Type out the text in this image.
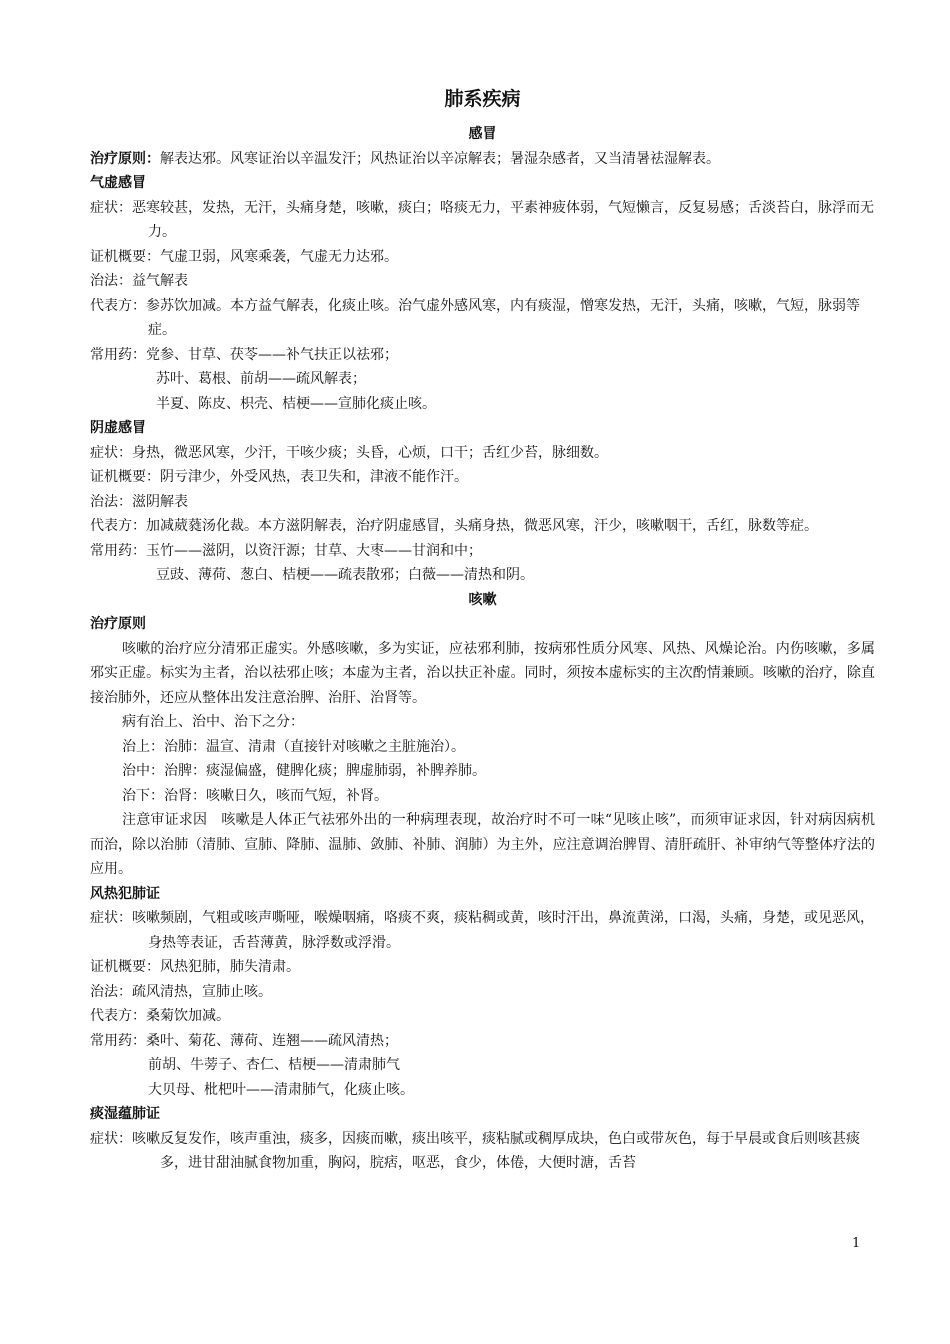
肺系疾病
感冒
治疗原则：解表达邪。风寒证治以辛温发汗；风热证治以辛凉解表；暑湿杂感者，又当清暑祛湿解表。
气虚感冒
症状：恶寒较甚，发热，无汗，头痛身楚，咳嗽，痰白；咯痰无力，平素神疲体弱，气短懒言，反复易感；舌淡苔白，脉浮而无力。
证机概要：气虚卫弱，风寒乘袭，气虚无力达邪。
治法：益气解表
代表方：参苏饮加减。本方益气解表，化痰止咳。治气虚外感风寒，内有痰湿，憎寒发热，无汗，头痛，咳嗽，气短，脉弱等症。
常用药：党参、甘草、茯苓——补气扶正以祛邪；
苏叶、葛根、前胡——疏风解表；
半夏、陈皮、枳壳、桔梗——宣肺化痰止咳。
阴虚感冒
症状：身热，微恶风寒，少汗，干咳少痰；头昏，心烦，口干；舌红少苔，脉细数。
证机概要：阴亏津少，外受风热，表卫失和，津液不能作汗。
治法：滋阴解表
代表方：加减葳蕤汤化裁。本方滋阴解表，治疗阴虚感冒，头痛身热，微恶风寒，汗少，咳嗽咽干，舌红，脉数等症。
常用药：玉竹——滋阴，以资汗源；甘草、大枣——甘润和中；
豆豉、薄荷、葱白、桔梗——疏表散邪；白薇——清热和阴。
咳嗽
治疗原则
咳嗽的治疗应分清邪正虚实。外感咳嗽，多为实证，应祛邪利肺，按病邪性质分风寒、风热、风燥论治。内伤咳嗽，多属邪实正虚。标实为主者，治以祛邪止咳；本虚为主者，治以扶正补虚。同时，须按本虚标实的主次酌情兼顾。咳嗽的治疗，除直接治肺外，还应从整体出发注意治脾、治肝、治肾等。
病有治上、治中、治下之分：
治上：治肺：温宣、清肃（直接针对咳嗽之主脏施治）。
治中：治脾：痰湿偏盛，健脾化痰；脾虚肺弱，补脾养肺。
治下：治肾：咳嗽日久，咳而气短，补肾。
注意审证求因　咳嗽是人体正气祛邪外出的一种病理表现，故治疗时不可一味“见咳止咳”，而须审证求因，针对病因病机而治，除以治肺（清肺、宣肺、降肺、温肺、敛肺、补肺、润肺）为主外，应注意调治脾胃、清肝疏肝、补审纳气等整体疗法的应用。
风热犯肺证
症状：咳嗽频剧，气粗或咳声嘶哑，喉燥咽痛，咯痰不爽，痰粘稠或黄，咳时汗出，鼻流黄涕，口渴，头痛，身楚，或见恶风，身热等表证，舌苔薄黄，脉浮数或浮滑。
证机概要：风热犯肺，肺失清肃。
治法：疏风清热，宣肺止咳。
代表方：桑菊饮加减。
常用药：桑叶、菊花、薄荷、连翘——疏风清热；
前胡、牛蒡子、杏仁、桔梗——清肃肺气
大贝母、枇杷叶——清肃肺气，化痰止咳。
痰湿蕴肺证
症状：咳嗽反复发作，咳声重浊，痰多，因痰而嗽，痰出咳平，痰粘腻或稠厚成块，色白或带灰色，每于早晨或食后则咳甚痰多，进甘甜油腻食物加重，胸闷，脘痞，呕恶，食少，体倦，大便时溏，舌苔
1
